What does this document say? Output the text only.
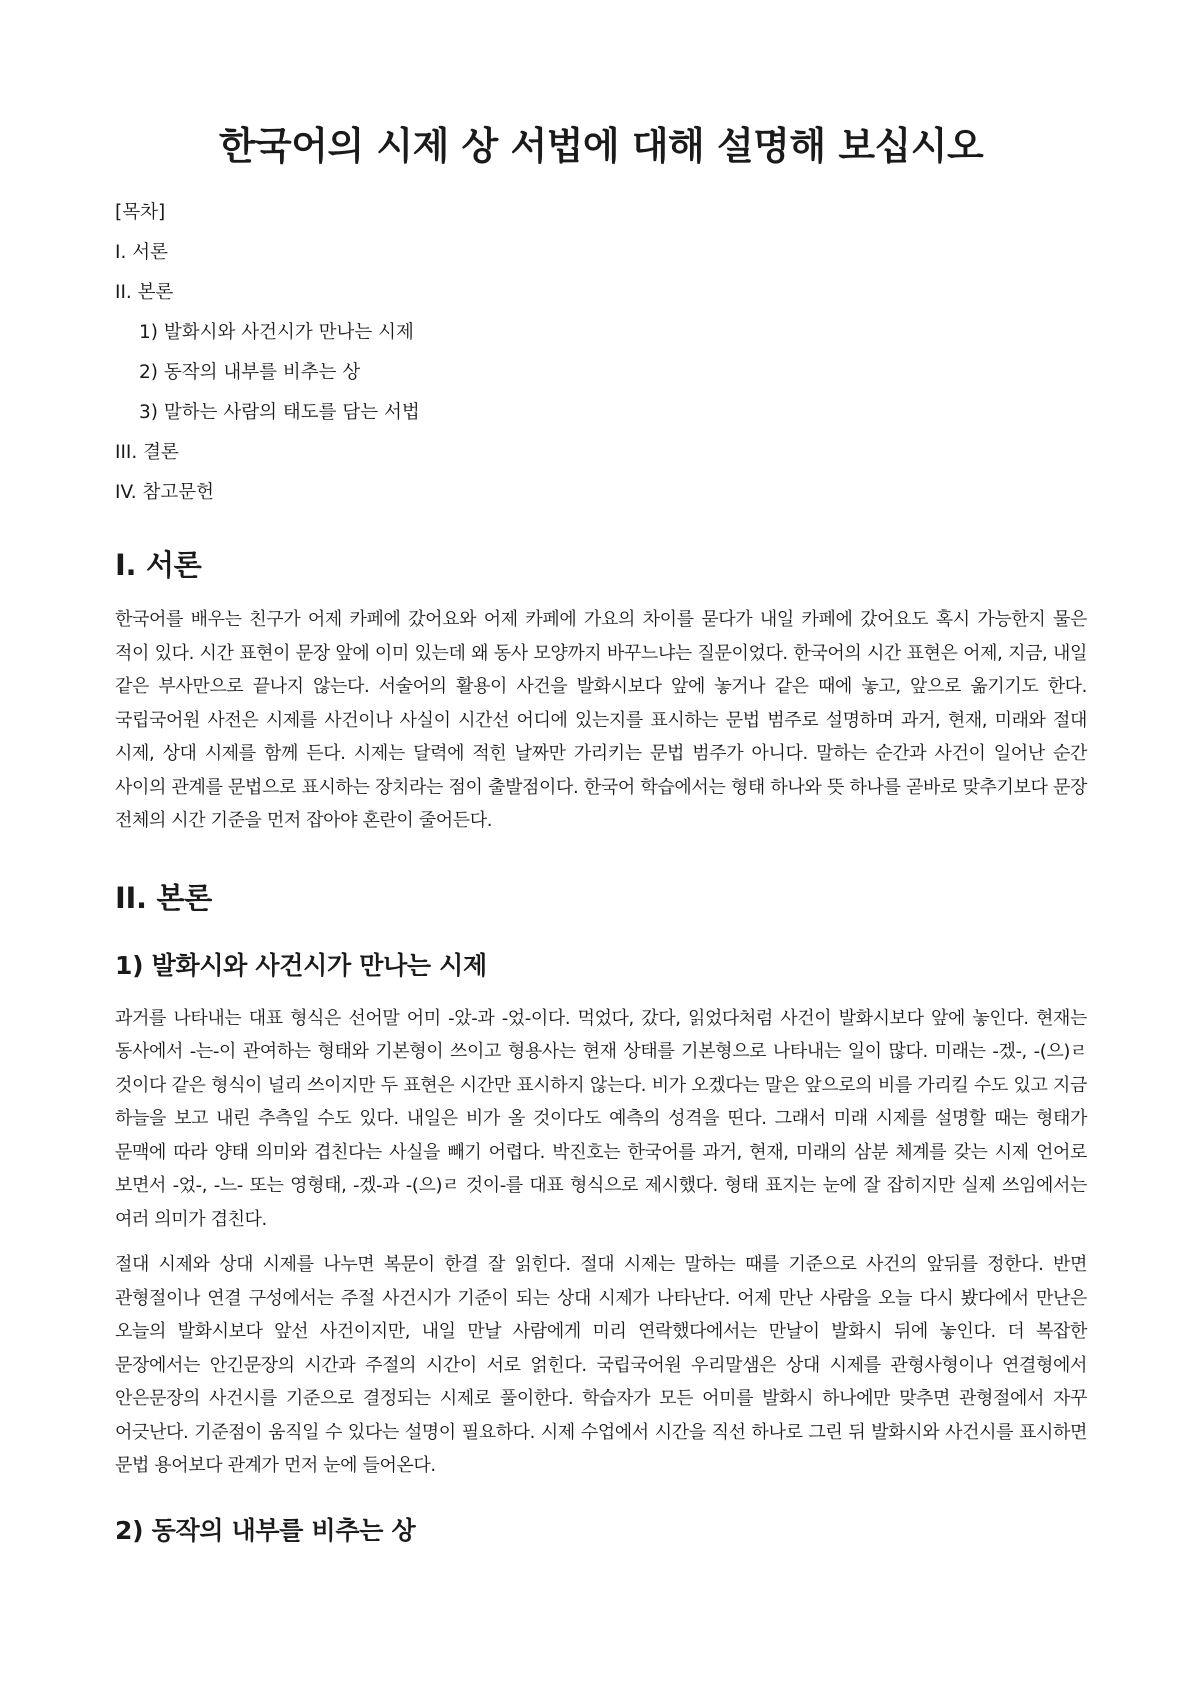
한국어의 시제 상 서법에 대해 설명해 보십시오
[목차]
I. 서론
II. 본론
1) 발화시와 사건시가 만나는 시제
2) 동작의 내부를 비추는 상
3) 말하는 사람의 태도를 담는 서법
III. 결론
IV. 참고문헌
I. 서론

한국어를 배우는 친구가 어제 카페에 갔어요와 어제 카페에 가요의 차이를 묻다가 내일 카페에 갔어요도 혹시 가능한지 물은 적이 있다. 시간 표현이 문장 앞에 이미 있는데 왜 동사 모양까지 바꾸느냐는 질문이었다. 한국어의 시간 표현은 어제, 지금, 내일 같은 부사만으로 끝나지 않는다. 서술어의 활용이 사건을 발화시보다 앞에 놓거나 같은 때에 놓고, 앞으로 옮기기도 한다. 국립국어원 사전은 시제를 사건이나 사실이 시간선 어디에 있는지를 표시하는 문법 범주로 설명하며 과거, 현재, 미래와 절대 시제, 상대 시제를 함께 든다. 시제는 달력에 적힌 날짜만 가리키는 문법 범주가 아니다. 말하는 순간과 사건이 일어난 순간 사이의 관계를 문법으로 표시하는 장치라는 점이 출발점이다. 한국어 학습에서는 형태 하나와 뜻 하나를 곧바로 맞추기보다 문장 전체의 시간 기준을 먼저 잡아야 혼란이 줄어든다.

II. 본론
1) 발화시와 사건시가 만나는 시제

과거를 나타내는 대표 형식은 선어말 어미 -았-과 -었-이다. 먹었다, 갔다, 읽었다처럼 사건이 발화시보다 앞에 놓인다. 현재는 동사에서 -는-이 관여하는 형태와 기본형이 쓰이고 형용사는 현재 상태를 기본형으로 나타내는 일이 많다. 미래는 -겠-, -(으)ㄹ 것이다 같은 형식이 널리 쓰이지만 두 표현은 시간만 표시하지 않는다. 비가 오겠다는 말은 앞으로의 비를 가리킬 수도 있고 지금 하늘을 보고 내린 추측일 수도 있다. 내일은 비가 올 것이다도 예측의 성격을 띤다. 그래서 미래 시제를 설명할 때는 형태가 문맥에 따라 양태 의미와 겹친다는 사실을 빼기 어렵다. 박진호는 한국어를 과거, 현재, 미래의 삼분 체계를 갖는 시제 언어로 보면서 -었-, -느- 또는 영형태, -겠-과 -(으)ㄹ 것이-를 대표 형식으로 제시했다. 형태 표지는 눈에 잘 잡히지만 실제 쓰임에서는 여러 의미가 겹친다.

절대 시제와 상대 시제를 나누면 복문이 한결 잘 읽힌다. 절대 시제는 말하는 때를 기준으로 사건의 앞뒤를 정한다. 반면 관형절이나 연결 구성에서는 주절 사건시가 기준이 되는 상대 시제가 나타난다. 어제 만난 사람을 오늘 다시 봤다에서 만난은 오늘의 발화시보다 앞선 사건이지만, 내일 만날 사람에게 미리 연락했다에서는 만날이 발화시 뒤에 놓인다. 더 복잡한 문장에서는 안긴문장의 시간과 주절의 시간이 서로 얽힌다. 국립국어원 우리말샘은 상대 시제를 관형사형이나 연결형에서 안은문장의 사건시를 기준으로 결정되는 시제로 풀이한다. 학습자가 모든 어미를 발화시 하나에만 맞추면 관형절에서 자꾸 어긋난다. 기준점이 움직일 수 있다는 설명이 필요하다. 시제 수업에서 시간을 직선 하나로 그린 뒤 발화시와 사건시를 표시하면 문법 용어보다 관계가 먼저 눈에 들어온다.

2) 동작의 내부를 비추는 상
